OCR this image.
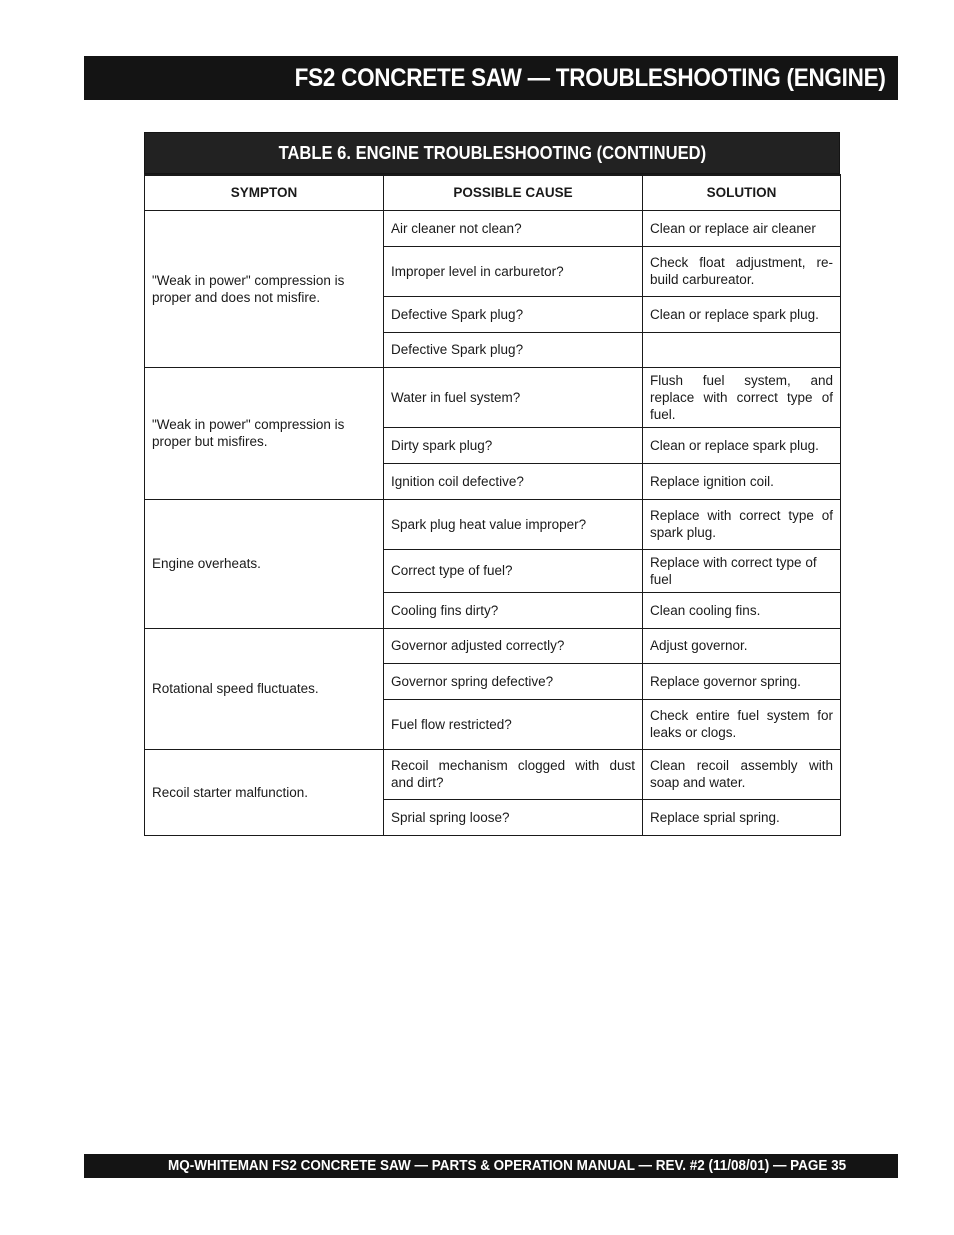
FS2 CONCRETE SAW — TROUBLESHOOTING (ENGINE)
TABLE 6. ENGINE TROUBLESHOOTING (CONTINUED)
SYMPTON	POSSIBLE CAUSE	SOLUTION
"Weak in power" compression is proper and does not misfire.	Air cleaner not clean?	Clean or replace air cleaner
	Improper level in carburetor?	Check float adjustment, re-build carbureator.
	Defective Spark plug?	Clean or replace spark plug.
	Defective Spark plug?	
"Weak in power" compression is proper but misfires.	Water in fuel system?	Flush fuel system, and replace with correct type of fuel.
	Dirty spark plug?	Clean or replace spark plug.
	Ignition coil defective?	Replace ignition coil.
Engine overheats.	Spark plug heat value improper?	Replace with correct type of spark plug.
	Correct type of fuel?	Replace with correct type of fuel
	Cooling fins dirty?	Clean cooling fins.
Rotational speed fluctuates.	Governor adjusted correctly?	Adjust governor.
	Governor spring defective?	Replace governor spring.
	Fuel flow restricted?	Check entire fuel system for leaks or clogs.
Recoil starter malfunction.	Recoil mechanism clogged with dust and dirt?	Clean recoil assembly with soap and water.
	Sprial spring loose?	Replace sprial spring.
MQ-WHITEMAN FS2 CONCRETE SAW — PARTS & OPERATION MANUAL — REV. #2 (11/08/01) — PAGE 35
